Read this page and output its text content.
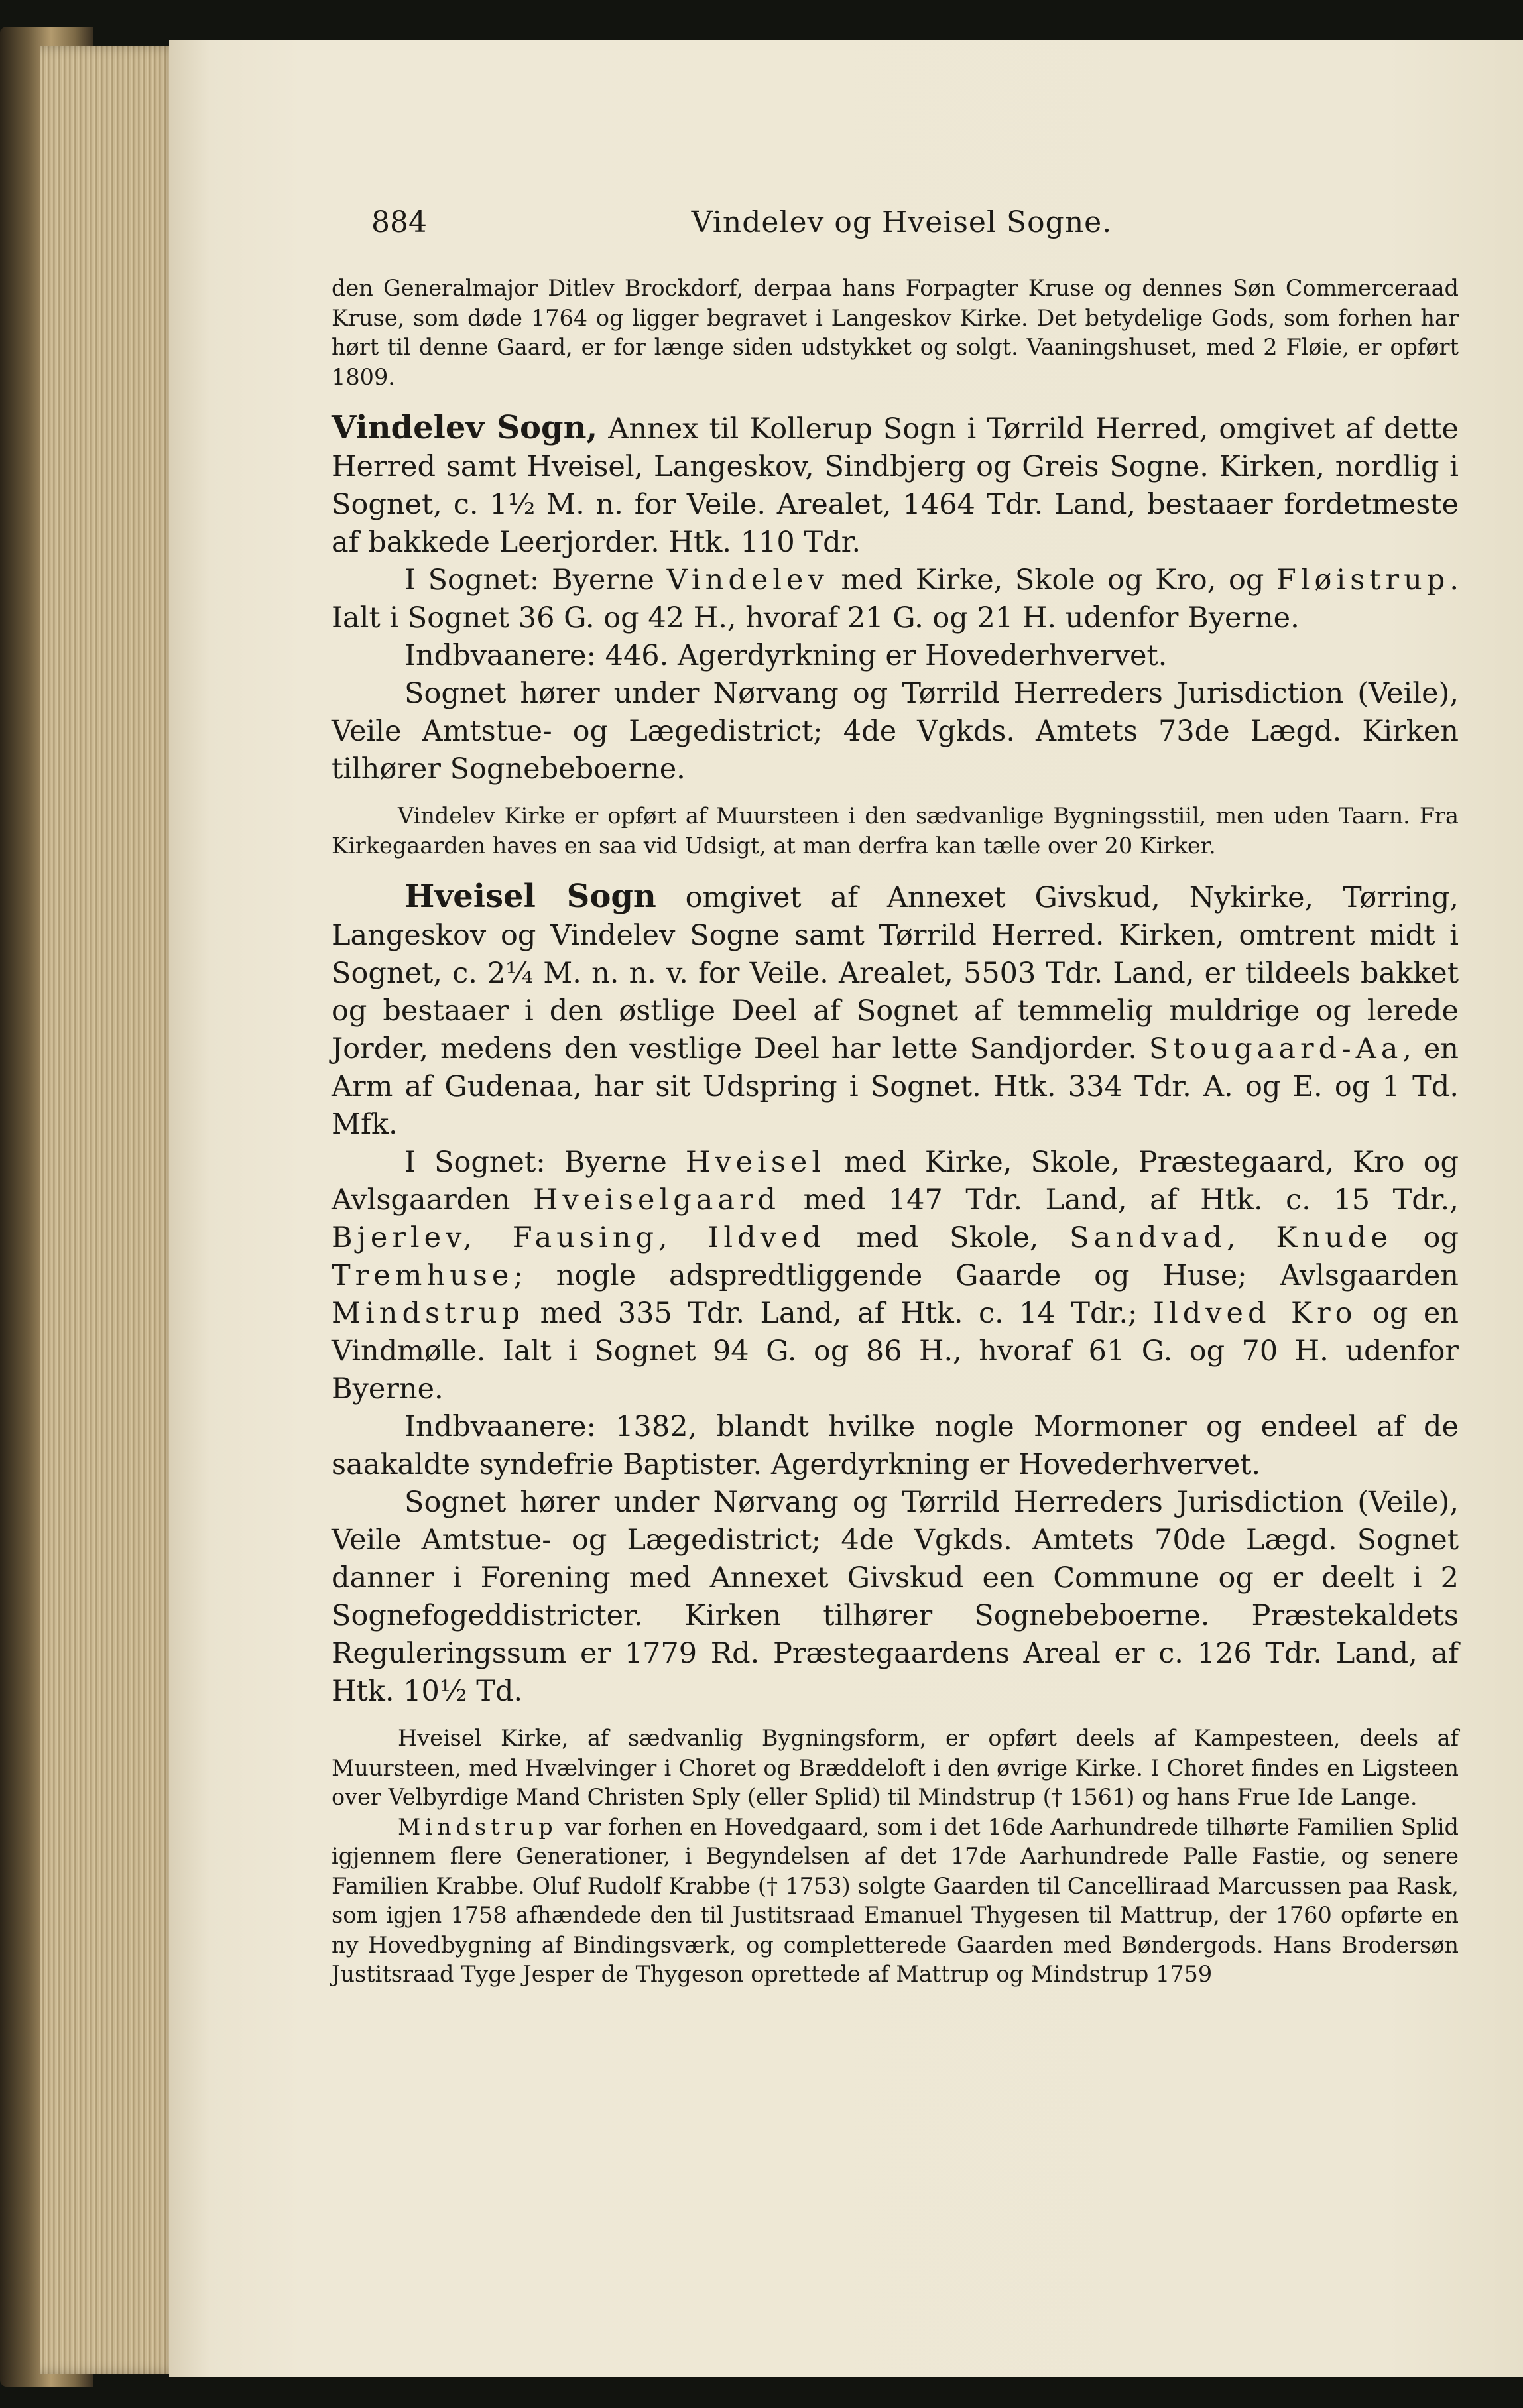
884	Vindelev og Hveisel Sogne.

den Generalmajor Ditlev Brockdorf, derpaa hans Forpagter Kruse og dennes Søn Commerceraad Kruse, som døde 1764 og ligger begravet i Langeskov Kirke. Det betydelige Gods, som forhen har hørt til denne Gaard, er for længe siden udstykket og solgt. Vaaningshuset, med 2 Fløie, er opført 1809.

Vindelev Sogn, Annex til Kollerup Sogn i Tørrild Herred, omgivet af dette Herred samt Hveisel, Langeskov, Sindbjerg og Greis Sogne. Kirken, nordlig i Sognet, c. 1½ M. n. for Veile. Arealet, 1464 Tdr. Land, bestaaer fordetmeste af bakkede Leerjorder. Htk. 110 Tdr.

I Sognet: Byerne Vindelev med Kirke, Skole og Kro, og Fløistrup. Ialt i Sognet 36 G. og 42 H., hvoraf 21 G. og 21 H. udenfor Byerne.

Indbvaanere: 446. Agerdyrkning er Hovederhvervet.

Sognet hører under Nørvang og Tørrild Herreders Jurisdiction (Veile), Veile Amtstue- og Lægedistrict; 4de Vgkds. Amtets 73de Lægd. Kirken tilhører Sognebeboerne.

Vindelev Kirke er opført af Muursteen i den sædvanlige Bygningsstiil, men uden Taarn. Fra Kirkegaarden haves en saa vid Udsigt, at man derfra kan tælle over 20 Kirker.

Hveisel Sogn omgivet af Annexet Givskud, Nykirke, Tørring, Langeskov og Vindelev Sogne samt Tørrild Herred. Kirken, omtrent midt i Sognet, c. 2¼ M. n. n. v. for Veile. Arealet, 5503 Tdr. Land, er tildeels bakket og bestaaer i den østlige Deel af Sognet af temmelig muldrige og lerede Jorder, medens den vestlige Deel har lette Sandjorder. Stougaard-Aa, en Arm af Gudenaa, har sit Udspring i Sognet. Htk. 334 Tdr. A. og E. og 1 Td. Mfk.

I Sognet: Byerne Hveisel med Kirke, Skole, Præstegaard, Kro og Avlsgaarden Hveiselgaard med 147 Tdr. Land, af Htk. c. 15 Tdr., Bjerlev, Fausing, Ildved med Skole, Sandvad, Knude og Tremhuse; nogle adspredtliggende Gaarde og Huse; Avlsgaarden Mindstrup med 335 Tdr. Land, af Htk. c. 14 Tdr.; Ildved Kro og en Vindmølle. Ialt i Sognet 94 G. og 86 H., hvoraf 61 G. og 70 H. udenfor Byerne.

Indbvaanere: 1382, blandt hvilke nogle Mormoner og endeel af de saakaldte syndefrie Baptister. Agerdyrkning er Hovederhvervet.

Sognet hører under Nørvang og Tørrild Herreders Jurisdiction (Veile), Veile Amtstue- og Lægedistrict; 4de Vgkds. Amtets 70de Lægd. Sognet danner i Forening med Annexet Givskud een Commune og er deelt i 2 Sognefogeddistricter. Kirken tilhører Sognebeboerne. Præstekaldets Reguleringssum er 1779 Rd. Præstegaardens Areal er c. 126 Tdr. Land, af Htk. 10½ Td.

Hveisel Kirke, af sædvanlig Bygningsform, er opført deels af Kampesteen, deels af Muursteen, med Hvælvinger i Choret og Bræddeloft i den øvrige Kirke. I Choret findes en Ligsteen over Velbyrdige Mand Christen Sply (eller Splid) til Mindstrup († 1561) og hans Frue Ide Lange.

Mindstrup var forhen en Hovedgaard, som i det 16de Aarhundrede tilhørte Familien Splid igjennem flere Generationer, i Begyndelsen af det 17de Aarhundrede Palle Fastie, og senere Familien Krabbe. Oluf Rudolf Krabbe († 1753) solgte Gaarden til Cancelliraad Marcussen paa Rask, som igjen 1758 afhændede den til Justitsraad Emanuel Thygesen til Mattrup, der 1760 opførte en ny Hovedbygning af Bindingsværk, og completterede Gaarden med Bøndergods. Hans Brodersøn Justitsraad Tyge Jesper de Thygeson oprettede af Mattrup og Mindstrup 1759
